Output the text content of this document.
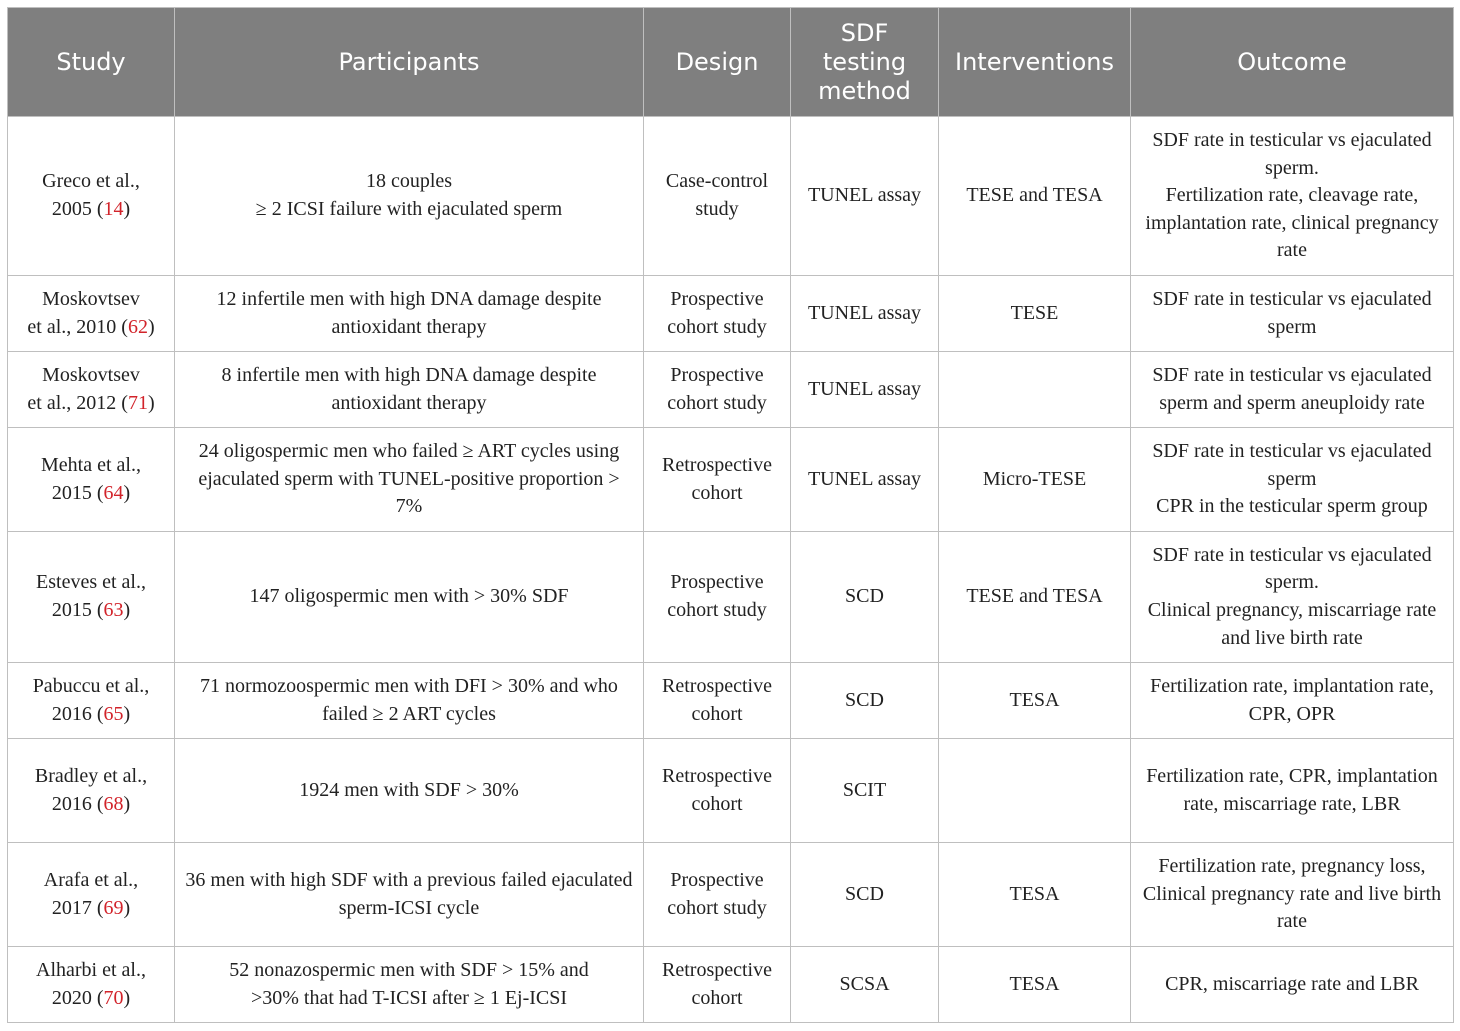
Study	Participants	Design	SDF
testing
method	Interventions	Outcome

Greco et al.,
2005 (14)	18 couples
≥ 2 ICSI failure with ejaculated sperm	Case-control
study	TUNEL assay	TESE and TESA	SDF rate in testicular vs ejaculated sperm.
Fertilization rate, cleavage rate, implantation rate, clinical pregnancy rate

Moskovtsev
et al., 2010 (62)	12 infertile men with high DNA damage despite antioxidant therapy	Prospective
cohort study	TUNEL assay	TESE	SDF rate in testicular vs ejaculated sperm

Moskovtsev
et al., 2012 (71)	8 infertile men with high DNA damage despite antioxidant therapy	Prospective
cohort study	TUNEL assay		SDF rate in testicular vs ejaculated sperm and sperm aneuploidy rate

Mehta et al.,
2015 (64)	24 oligospermic men who failed ≥ ART cycles using ejaculated sperm with TUNEL-positive proportion > 7%	Retrospective
cohort	TUNEL assay	Micro-TESE	SDF rate in testicular vs ejaculated sperm
CPR in the testicular sperm group

Esteves et al.,
2015 (63)	147 oligospermic men with > 30% SDF	Prospective
cohort study	SCD	TESE and TESA	SDF rate in testicular vs ejaculated sperm.
Clinical pregnancy, miscarriage rate and live birth rate

Pabuccu et al.,
2016 (65)	71 normozoospermic men with DFI > 30% and who failed ≥ 2 ART cycles	Retrospective
cohort	SCD	TESA	Fertilization rate, implantation rate, CPR, OPR

Bradley et al.,
2016 (68)	1924 men with SDF > 30%	Retrospective
cohort	SCIT		Fertilization rate, CPR, implantation rate, miscarriage rate, LBR

Arafa et al.,
2017 (69)	36 men with high SDF with a previous failed ejaculated sperm-ICSI cycle	Prospective
cohort study	SCD	TESA	Fertilization rate, pregnancy loss, Clinical pregnancy rate and live birth rate

Alharbi et al.,
2020 (70)	52 nonazospermic men with SDF > 15% and >30% that had T-ICSI after ≥ 1 Ej-ICSI	Retrospective
cohort	SCSA	TESA	CPR, miscarriage rate and LBR
